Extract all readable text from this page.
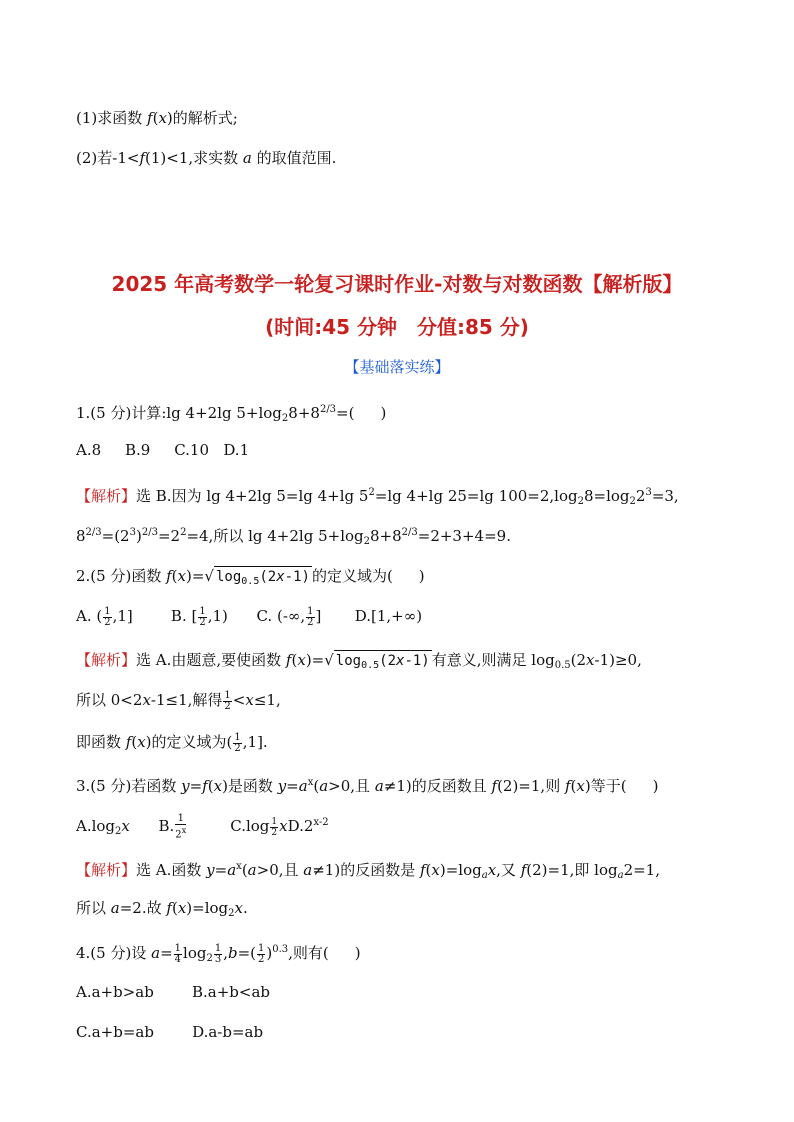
(1)求函数 f(x)的解析式;
(2)若-1<f(1)<1,求实数 a 的取值范围.
2025 年高考数学一轮复习课时作业-对数与对数函数【解析版】
(时间:45 分钟　分值:85 分)
【基础落实练】
1.(5 分)计算:lg 4+2lg $5+\log_28+8^{2/3}=$( )
A.8 B.9 C.10 D.1
【解析】选 B.因为 lg 4+2lg 5=lg 4+lg $5^2=\lg$ 4+lg 25=lg $100=2,\log_28=\log_22^3=3$,
$8^{2/3}=(2^3)^{2/3}=2^2=4$,所以 lg 4+2lg $5+\log_28+8^{2/3}=2+3+4=9$.
2.(5 分)函数 f(x)=√ $\log_{0.5}(2x-1)$ 的定义域为( )
A. ( $\frac{1}{2} ,1$]        B. [ $\frac{1}{2} ,1$)      C. (-∞, $\frac{1}{2}$ ]       D.[1,+∞)
【解析】选 A.由题意,要使函数 f(x)=√ $\log_{0.5}(2x-1)$ 有意义,则满足 $\log_{0.5}(2x-1)\ge 0$,
所以 0<2x-1≤1,解得 $\frac{1}{2} <x\le 1$,
即函数 f(x)的定义域为( $\frac{1}{2} ,1$].
3.(5 分)若函数 y=f(x)是函数 $y=a^x(a>0$,且 a≠1)的反函数且 f(2)=1,则 f(x)等于( )
$A.\log_2x$      B. $\frac{1}{2^x} C.\log \frac{1}{2} xD.2^{x-2}$
【解析】选 A.函数 $y=a^x(a>0$,且 a≠1)的反函数是 $f(x)=\log_ax$,又 f(2)=1,即 $\log_a2=1$,
所以 a=2.故 $f(x)=\log_2x$.
4.(5 分)设 $a= \frac{1}{4} \log_2 \frac{1}{3} ,b=( \frac{1}{2} )^{0.3}$,则有( )
A.a+b>ab	B.a+b<ab
C.a+b=ab	D.a-b=ab
